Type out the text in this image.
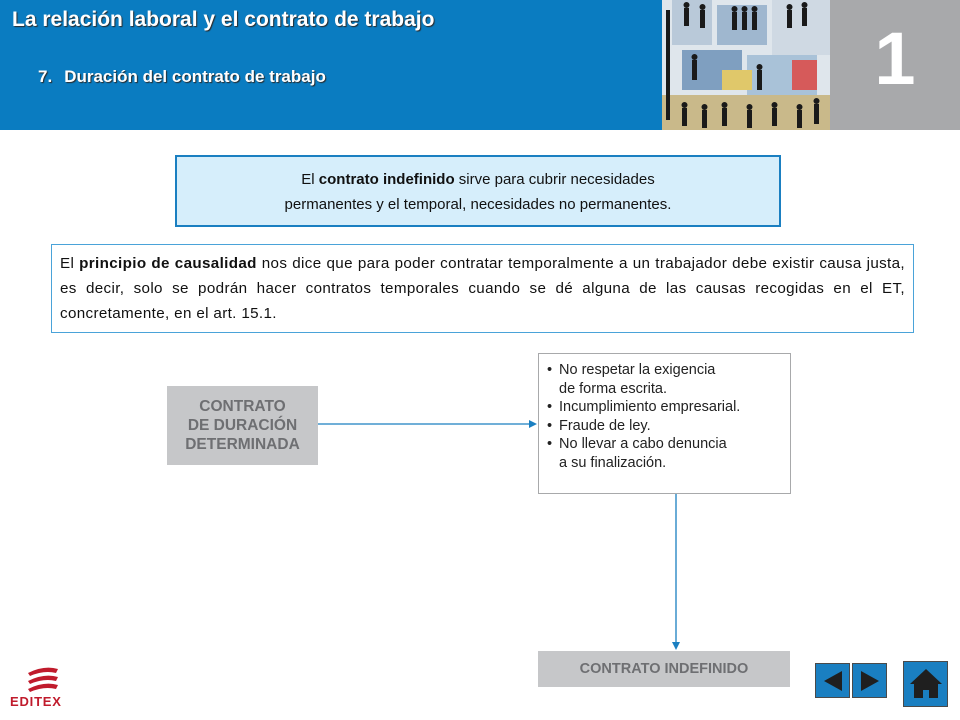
La relación laboral y el contrato de trabajo
7. Duración del contrato de trabajo	1

El contrato indefinido sirve para cubrir necesidades

permanentes y el temporal, necesidades no permanentes.

El principio de causalidad nos dice que para poder contratar temporalmente a un trabajador debe existir causa justa, es decir, solo se podrán hacer contratos temporales cuando se dé alguna de las causas recogidas en el ET, concretamente, en el art. 15.1.
CONTRATO
DE DURACIÓN
DETERMINADA
• No respetar la exigencia
de forma escrita.
• Incumplimiento empresarial.
• Fraude de ley.
• No llevar a cabo denuncia
a su finalización.
CONTRATO INDEFINIDO
EDITEX
